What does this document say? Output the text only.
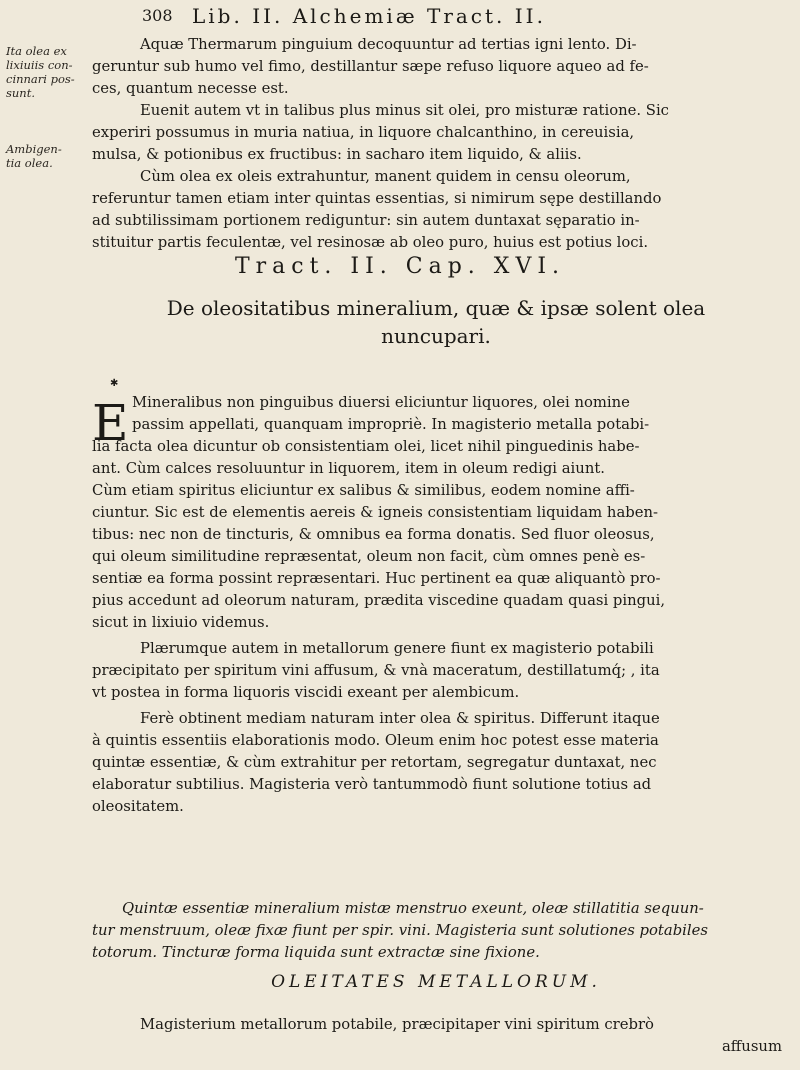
308 Lib. II. Alchemiæ Tract. II.
Ita olea ex
lixiuiis con-
cinnari pos-
sunt.
Ambigen-
tia olea.
Aquæ Thermarum pinguium decoquuntur ad tertias igni lento. Di-
geruntur sub humo vel fimo, destillantur sæpe refuso liquore aqueo ad fe-
ces, quantum necesse est.
Euenit autem vt in talibus plus minus sit olei, pro misturæ ratione. Sic
experiri possumus in muria natiua, in liquore chalcanthino, in cereuisia,
mulsa, & potionibus ex fructibus: in sacharo item liquido, & aliis.
Cùm olea ex oleis extrahuntur, manent quidem in censu oleorum,
referuntur tamen etiam inter quintas essentias, si nimirum sępe destillando
ad subtilissimam portionem rediguntur: sin autem duntaxat sęparatio in-
stituitur partis feculentæ, vel resinosæ ab oleo puro, huius est potius loci.
Tract. II. Cap. XVI.
De oleositatibus mineralium, quæ & ipsæ solent olea
nuncupari.
✱
E Mineralibus non pinguibus diuersi eliciuntur liquores, olei nomine
passim appellati, quanquam impropriè. In magisterio metalla potabi-
lia facta olea dicuntur ob consistentiam olei, licet nihil pinguedinis habe-
ant. Cùm calces resoluuntur in liquorem, item in oleum redigi aiunt.
Cùm etiam spiritus eliciuntur ex salibus & similibus, eodem nomine affi-
ciuntur. Sic est de elementis aereis & igneis consistentiam liquidam haben-
tibus: nec non de tincturis, & omnibus ea forma donatis. Sed fluor oleosus,
qui oleum similitudine repræsentat, oleum non facit, cùm omnes penè es-
sentiæ ea forma possint repræsentari. Huc pertinent ea quæ aliquantò pro-
pius accedunt ad oleorum naturam, prædita viscedine quadam quasi pingui,
sicut in lixiuio videmus.
Plærumque autem in metallorum genere fiunt ex magisterio potabili
præcipitato per spiritum vini affusum, & vnà maceratum, destillatumq́; , ita
vt postea in forma liquoris viscidi exeant per alembicum.
Ferè obtinent mediam naturam inter olea & spiritus. Differunt itaque
à quintis essentiis elaborationis modo. Oleum enim hoc potest esse materia
quintæ essentiæ, & cùm extrahitur per retortam, segregatur duntaxat, nec
elaboratur subtilius. Magisteria verò tantummodò fiunt solutione totius ad
oleositatem.
Quintæ essentiæ mineralium mistæ menstruo exeunt, oleæ stillatitia sequun-
tur menstruum, oleæ fixæ fiunt per spir. vini. Magisteria sunt solutiones potabiles
totorum. Tincturæ forma liquida sunt extractæ sine fixione.
OLEITATES METALLORUM.
Magisterium metallorum potabile, præcipitaper vini spiritum crebrò
affusum
